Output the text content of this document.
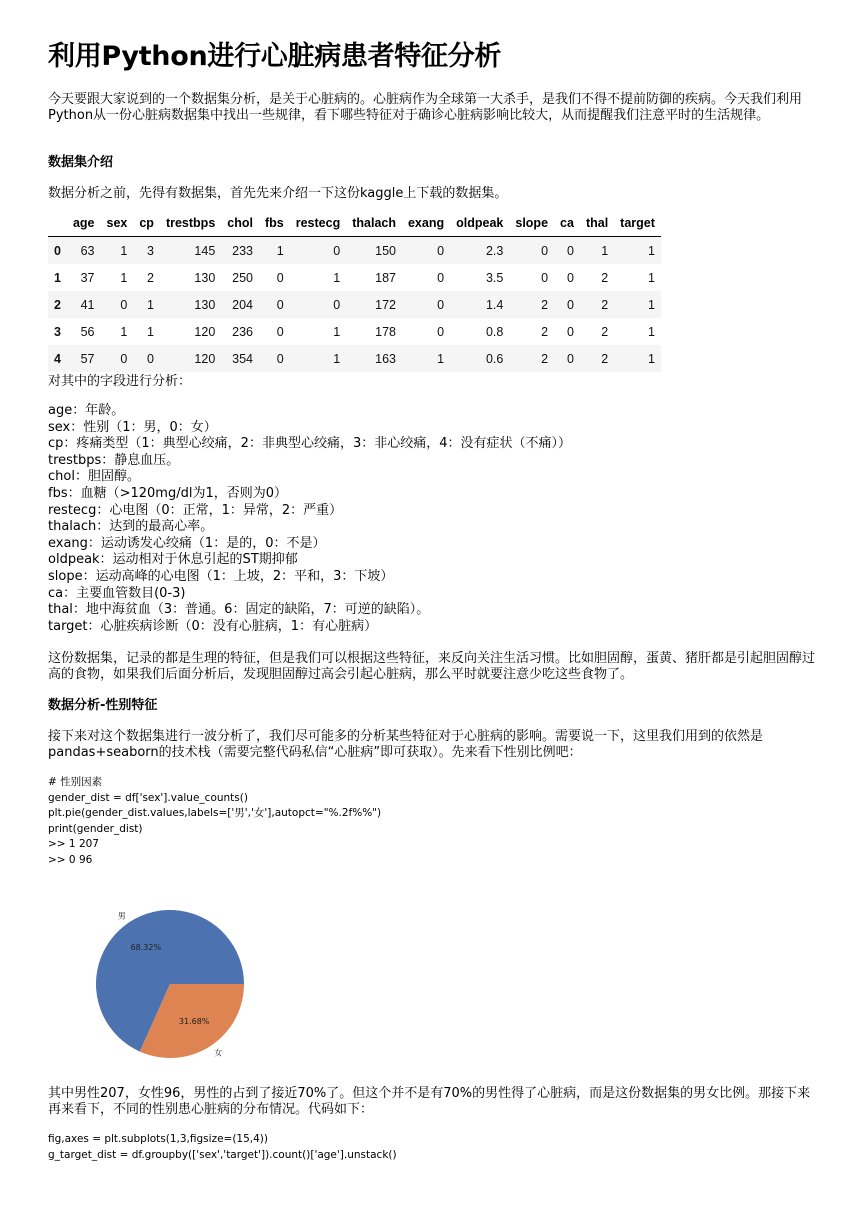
利用Python进行心脏病患者特征分析

今天要跟大家说到的一个数据集分析，是关于心脏病的。心脏病作为全球第一大杀手，是我们不得不提前防御的疾病。今天我们利用Python从一份心脏病数据集中找出一些规律，看下哪些特征对于确诊心脏病影响比较大，从而提醒我们注意平时的生活规律。

数据集介绍

数据分析之前，先得有数据集，首先先来介绍一下这份kaggle上下载的数据集。

	age	sex	cp	trestbps	chol	fbs	restecg	thalach	exang	oldpeak	slope	ca	thal	target
0	63	1	3	145	233	1	0	150	0	2.3	0	0	1	1
1	37	1	2	130	250	0	1	187	0	3.5	0	0	2	1
2	41	0	1	130	204	0	0	172	0	1.4	2	0	2	1
3	56	1	1	120	236	0	1	178	0	0.8	2	0	2	1
4	57	0	0	120	354	0	1	163	1	0.6	2	0	2	1

对其中的字段进行分析：

age：年龄。
sex：性别（1：男，0：女）
cp：疼痛类型（1：典型心绞痛，2：非典型心绞痛，3：非心绞痛，4：没有症状（不痛））
trestbps：静息血压。
chol：胆固醇。
fbs：血糖（>120mg/dl为1，否则为0）
restecg：心电图（0：正常，1：异常，2：严重）
thalach：达到的最高心率。
exang：运动诱发心绞痛（1：是的，0：不是）
oldpeak：运动相对于休息引起的ST期抑郁
slope：运动高峰的心电图（1：上坡，2：平和，3：下坡）
ca：主要血管数目(0-3)
thal：地中海贫血（3：普通。6：固定的缺陷，7：可逆的缺陷）。
target：心脏疾病诊断（0：没有心脏病，1：有心脏病）

这份数据集，记录的都是生理的特征，但是我们可以根据这些特征，来反向关注生活习惯。比如胆固醇，蛋黄、猪肝都是引起胆固醇过高的食物，如果我们后面分析后，发现胆固醇过高会引起心脏病，那么平时就要注意少吃这些食物了。

数据分析-性别特征

接下来对这个数据集进行一波分析了，我们尽可能多的分析某些特征对于心脏病的影响。需要说一下，这里我们用到的依然是pandas+seaborn的技术栈（需要完整代码私信“心脏病”即可获取）。先来看下性别比例吧：

# 性别因素
gender_dist = df['sex'].value_counts()
plt.pie(gender_dist.values,labels=['男','女'],autopct="%.2f%%")
print(gender_dist)
>> 1 207
>> 0 96
68.32%
男
31.68%
女

其中男性207，女性96，男性的占到了接近70%了。但这个并不是有70%的男性得了心脏病，而是这份数据集的男女比例。那接下来再来看下，不同的性别患心脏病的分布情况。代码如下：

fig,axes = plt.subplots(1,3,figsize=(15,4))
g_target_dist = df.groupby(['sex','target']).count()['age'].unstack()
